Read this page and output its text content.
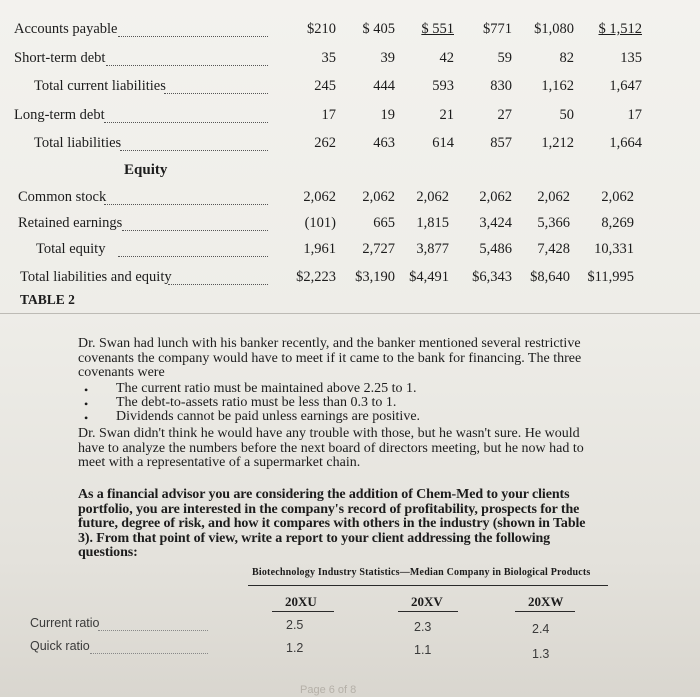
Accounts payable	$210	$ 405	$ 551	$771	$1,080	$ 1,512
Short-term debt	35	39	42	59	82	135
Total current liabilities	245	444	593	830	1,162	1,647
Long-term debt	17	19	21	27	50	17
Total liabilities	262	463	614	857	1,212	1,664
Equity
Common stock	2,062	2,062	2,062	2,062	2,062	2,062
Retained earnings	(101)	665	1,815	3,424	5,366	8,269
Total equity	1,961	2,727	3,877	5,486	7,428	10,331
Total liabilities and equity	$2,223	$3,190 $4,491	$6,343	$8,640	$11,995
TABLE 2
Dr. Swan had lunch with his banker recently, and the banker mentioned several restrictive covenants the company would have to meet if it came to the bank for financing. The three covenants were
• The current ratio must be maintained above 2.25 to 1.
• The debt-to-assets ratio must be less than 0.3 to 1.
• Dividends cannot be paid unless earnings are positive.
Dr. Swan didn't think he would have any trouble with those, but he wasn't sure. He would have to analyze the numbers before the next board of directors meeting, but he now had to meet with a representative of a supermarket chain.
As a financial advisor you are considering the addition of Chem-Med to your clients portfolio, you are interested in the company's record of profitability, prospects for the future, degree of risk, and how it compares with others in the industry (shown in Table 3). From that point of view, write a report to your client addressing the following questions:
Biotechnology Industry Statistics—Median Company in Biological Products
20XU	20XV	20XW
Current ratio	2.5	2.3	2.4
Quick ratio	1.2	1.1	1.3
Page 6 of 8
